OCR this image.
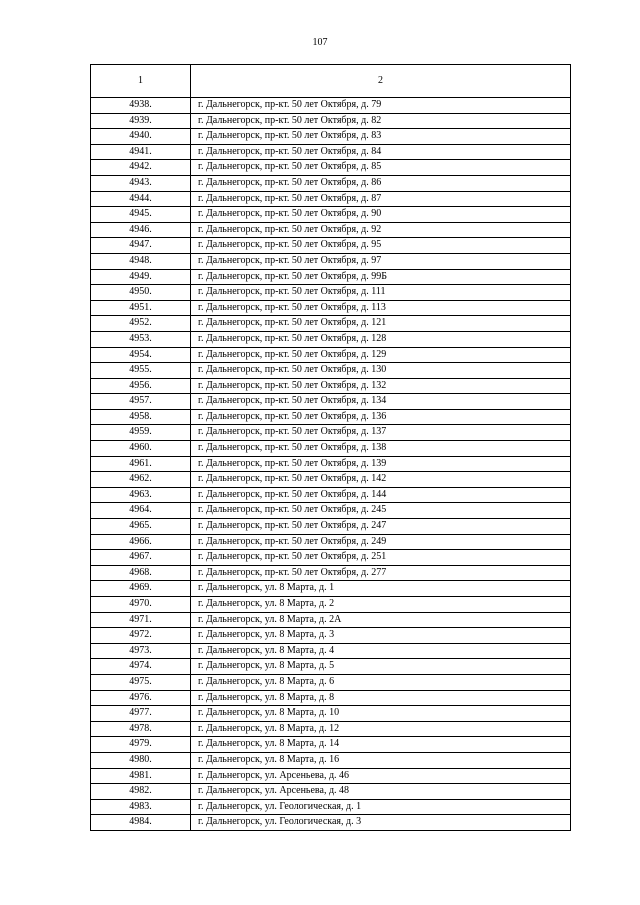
107
1	2
4938.	г. Дальнегорск, пр-кт. 50 лет Октября, д. 79
4939.	г. Дальнегорск, пр-кт. 50 лет Октября, д. 82
4940.	г. Дальнегорск, пр-кт. 50 лет Октября, д. 83
4941.	г. Дальнегорск, пр-кт. 50 лет Октября, д. 84
4942.	г. Дальнегорск, пр-кт. 50 лет Октября, д. 85
4943.	г. Дальнегорск, пр-кт. 50 лет Октября, д. 86
4944.	г. Дальнегорск, пр-кт. 50 лет Октября, д. 87
4945.	г. Дальнегорск, пр-кт. 50 лет Октября, д. 90
4946.	г. Дальнегорск, пр-кт. 50 лет Октября, д. 92
4947.	г. Дальнегорск, пр-кт. 50 лет Октября, д. 95
4948.	г. Дальнегорск, пр-кт. 50 лет Октября, д. 97
4949.	г. Дальнегорск, пр-кт. 50 лет Октября, д. 99Б
4950.	г. Дальнегорск, пр-кт. 50 лет Октября, д. 111
4951.	г. Дальнегорск, пр-кт. 50 лет Октября, д. 113
4952.	г. Дальнегорск, пр-кт. 50 лет Октября, д. 121
4953.	г. Дальнегорск, пр-кт. 50 лет Октября, д. 128
4954.	г. Дальнегорск, пр-кт. 50 лет Октября, д. 129
4955.	г. Дальнегорск, пр-кт. 50 лет Октября, д. 130
4956.	г. Дальнегорск, пр-кт. 50 лет Октября, д. 132
4957.	г. Дальнегорск, пр-кт. 50 лет Октября, д. 134
4958.	г. Дальнегорск, пр-кт. 50 лет Октября, д. 136
4959.	г. Дальнегорск, пр-кт. 50 лет Октября, д. 137
4960.	г. Дальнегорск, пр-кт. 50 лет Октября, д. 138
4961.	г. Дальнегорск, пр-кт. 50 лет Октября, д. 139
4962.	г. Дальнегорск, пр-кт. 50 лет Октября, д. 142
4963.	г. Дальнегорск, пр-кт. 50 лет Октября, д. 144
4964.	г. Дальнегорск, пр-кт. 50 лет Октября, д. 245
4965.	г. Дальнегорск, пр-кт. 50 лет Октября, д. 247
4966.	г. Дальнегорск, пр-кт. 50 лет Октября, д. 249
4967.	г. Дальнегорск, пр-кт. 50 лет Октября, д. 251
4968.	г. Дальнегорск, пр-кт. 50 лет Октября, д. 277
4969.	г. Дальнегорск, ул. 8 Марта, д. 1
4970.	г. Дальнегорск, ул. 8 Марта, д. 2
4971.	г. Дальнегорск, ул. 8 Марта, д. 2А
4972.	г. Дальнегорск, ул. 8 Марта, д. 3
4973.	г. Дальнегорск, ул. 8 Марта, д. 4
4974.	г. Дальнегорск, ул. 8 Марта, д. 5
4975.	г. Дальнегорск, ул. 8 Марта, д. 6
4976.	г. Дальнегорск, ул. 8 Марта, д. 8
4977.	г. Дальнегорск, ул. 8 Марта, д. 10
4978.	г. Дальнегорск, ул. 8 Марта, д. 12
4979.	г. Дальнегорск, ул. 8 Марта, д. 14
4980.	г. Дальнегорск, ул. 8 Марта, д. 16
4981.	г. Дальнегорск, ул. Арсеньева, д. 46
4982.	г. Дальнегорск, ул. Арсеньева, д. 48
4983.	г. Дальнегорск, ул. Геологическая, д. 1
4984.	г. Дальнегорск, ул. Геологическая, д. 3
